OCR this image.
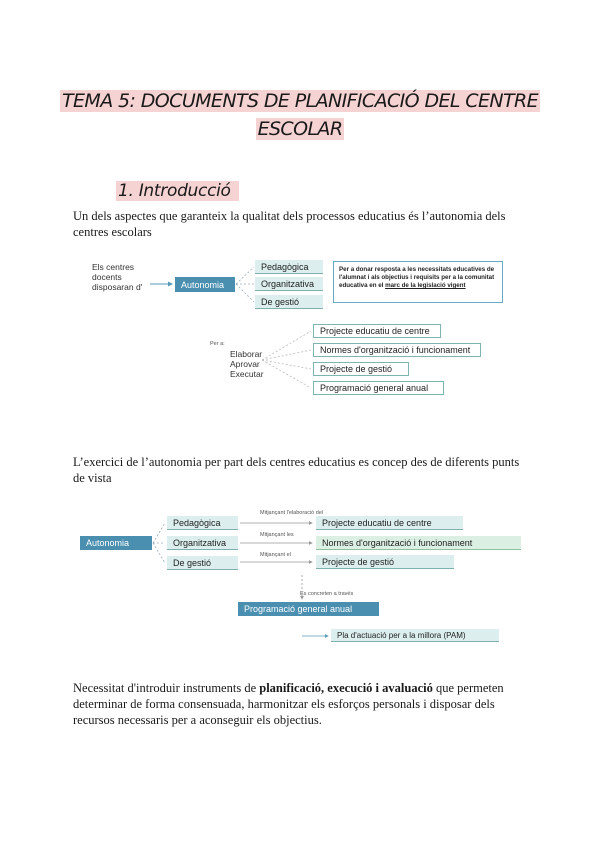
TEMA 5: DOCUMENTS DE PLANIFICACIÓ DEL CENTRE
ESCOLAR
1. Introducció
Un dels aspectes que garanteix la qualitat dels processos educatius és l’autonomia dels centres escolars
Els centres
docents
disposaran d'	Autonomia
Pedagògica
Organitzativa
De gestió
Per a donar resposta a les necessitats educatives de l'alumnat i als objectius i requisits per a la comunitat educativa en el marc de la legislació vigent
Per a:
Elaborar
Aprovar
Executar
Projecte educatiu de centre
Normes d'organització i funcionament
Projecte de gestió
Programació general anual
L’exercici de l’autonomia per part dels centres educatius es concep des de diferents punts de vista
Autonomia
Pedagògica
Organitzativa
De gestió
Mitjançant l'elaboració del
Mitjançant les
Mitjançant el
Projecte educatiu de centre
Normes d'organització i funcionament
Projecte de gestió
Es concreten a través
Programació general anual
Pla d'actuació per a la millora (PAM)
Necessitat d'introduir instruments de planificació, execució i avaluació que permeten determinar de forma consensuada, harmonitzar els esforços personals i disposar dels recursos necessaris per a aconseguir els objectius.
